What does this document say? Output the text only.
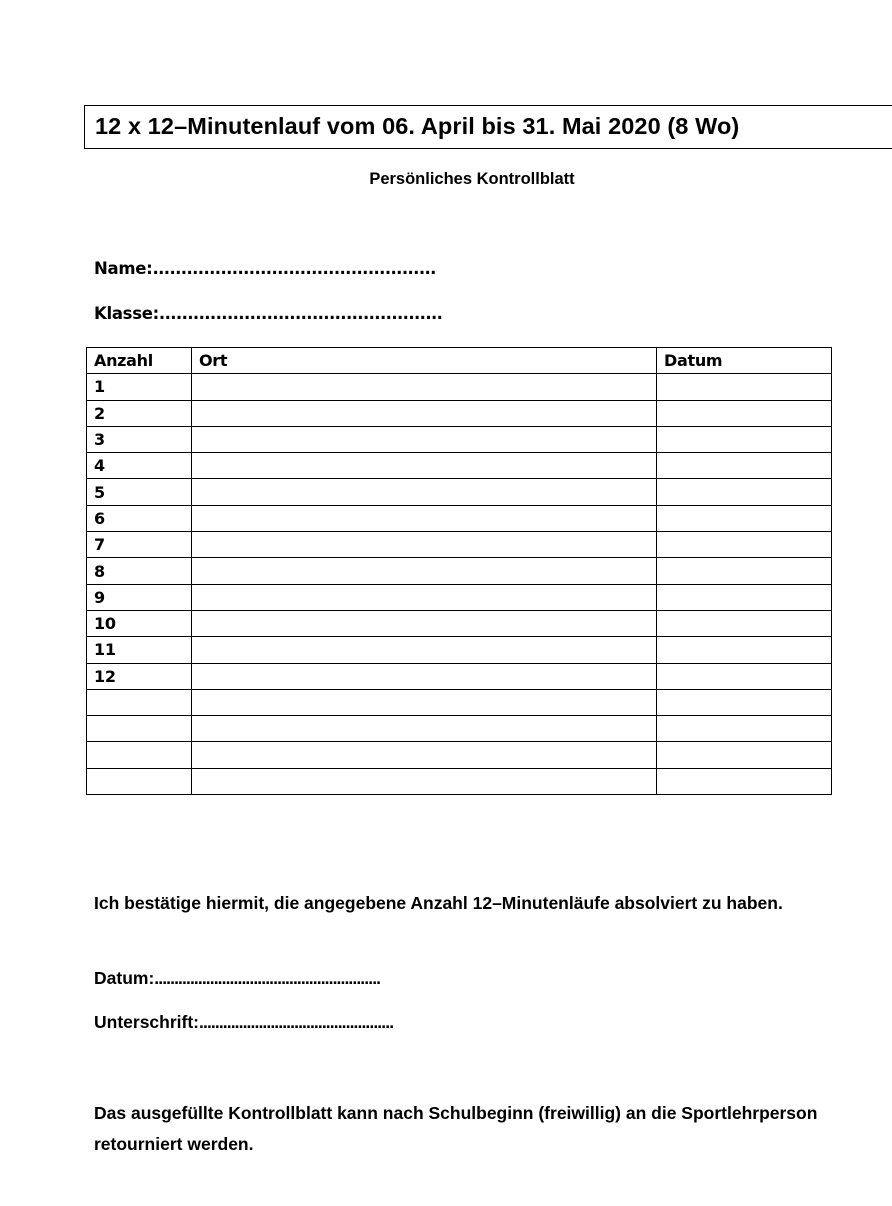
12 x 12–Minutenlauf vom 06. April bis 31. Mai 2020 (8 Wo)
Persönliches Kontrollblatt
Name:..................................................
Klasse:..................................................
Anzahl	Ort	Datum
1		
2		
3		
4		
5		
6		
7		
8		
9		
10		
11		
12		

Ich bestätige hiermit, die angegebene Anzahl 12–Minutenläufe absolviert zu haben.
Datum:.........................................................
Unterschrift:.................................................
Das ausgefüllte Kontrollblatt kann nach Schulbeginn (freiwillig) an die Sportlehrperson retourniert werden.
